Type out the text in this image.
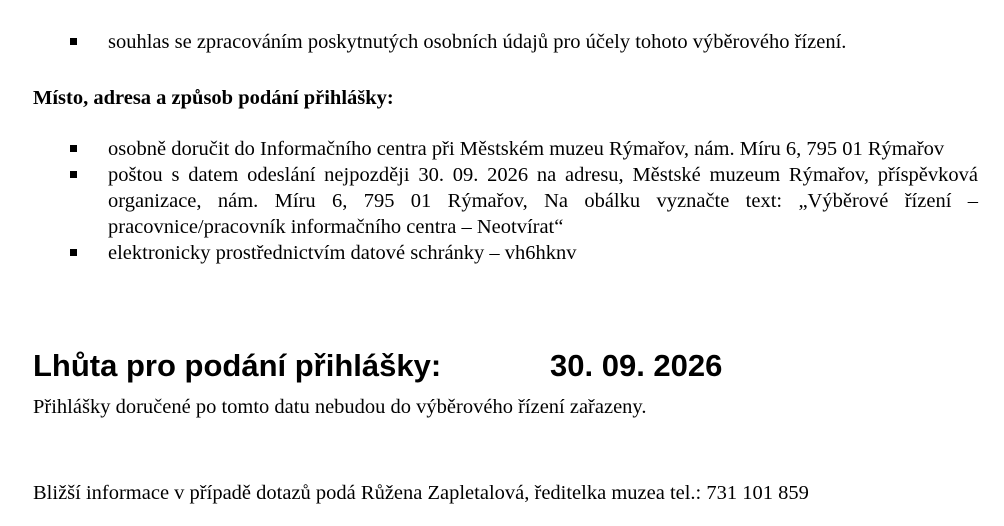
souhlas se zpracováním poskytnutých osobních údajů pro účely tohoto výběrového řízení.
Místo, adresa a způsob podání přihlášky:
osobně doručit do Informačního centra při Městském muzeu Rýmařov, nám. Míru 6, 795 01 Rýmařov
poštou s datem odeslání nejpozději 30. 09. 2026 na adresu, Městské muzeum Rýmařov, příspěvková organizace, nám. Míru 6, 795 01 Rýmařov, Na obálku vyznačte text: „Výběrové řízení – pracovnice/pracovník informačního centra – Neotvírat“
elektronicky prostřednictvím datové schránky – vh6hknv
Lhůta pro podání přihlášky:	30. 09. 2026
Přihlášky doručené po tomto datu nebudou do výběrového řízení zařazeny.
Bližší informace v případě dotazů podá Růžena Zapletalová, ředitelka muzea tel.: 731 101 859
